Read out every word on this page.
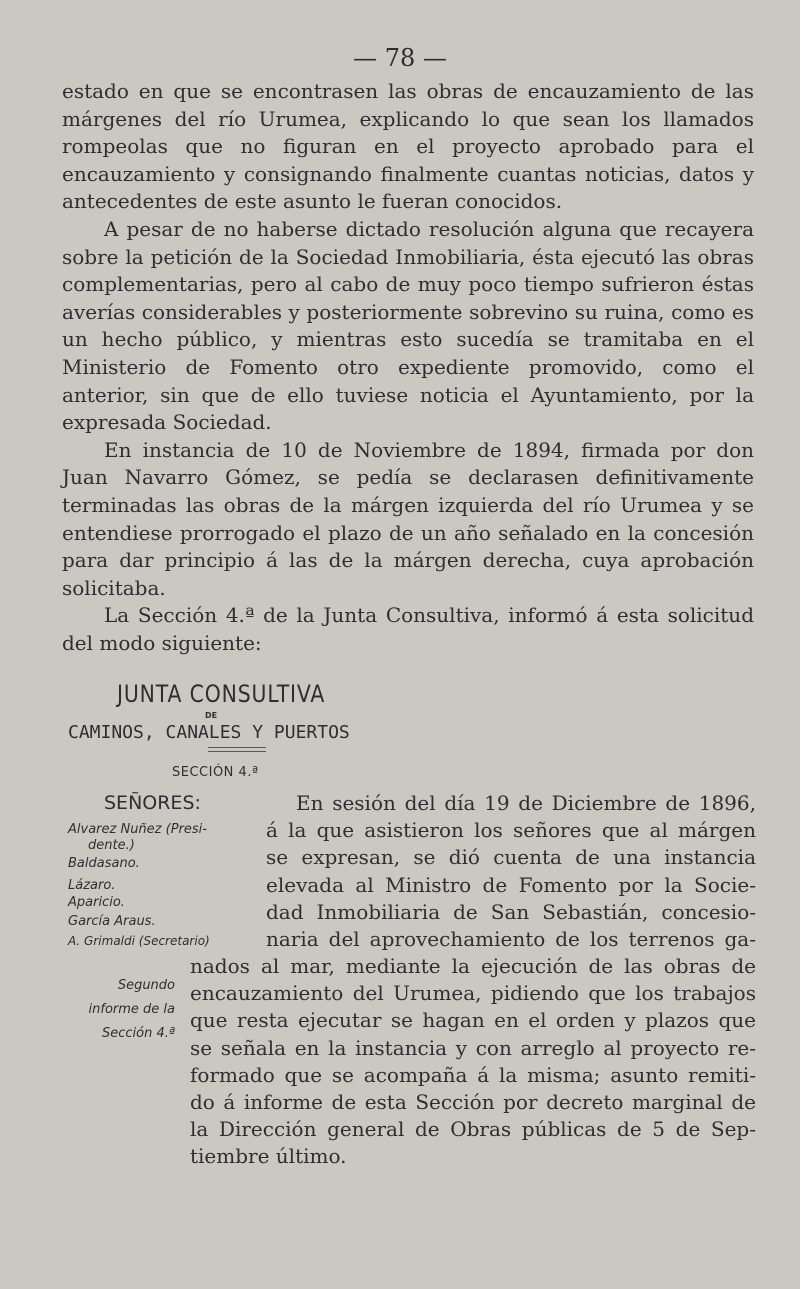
— 78 —

estado en que se encontrasen las obras de encauzamiento de las márgenes del río Urumea, explicando lo que sean los llamados rompeolas que no figuran en el proyecto aprobado para el encauzamiento y consignando finalmente cuantas noticias, datos y antecedentes de este asunto le fueran conocidos.

A pesar de no haberse dictado resolución alguna que recayera sobre la petición de la Sociedad Inmobiliaria, ésta ejecutó las obras complementarias, pero al cabo de muy poco tiempo sufrieron éstas averías considerables y posteriormente sobrevino su ruina, como es un hecho público, y mientras esto sucedía se tramitaba en el Ministerio de Fomento otro expediente promovido, como el anterior, sin que de ello tuviese noticia el Ayuntamiento, por la expresada Sociedad.

En instancia de 10 de Noviembre de 1894, firmada por don Juan Navarro Gómez, se pedía se declarasen definitivamente terminadas las obras de la márgen izquierda del río Urumea y se entendiese prorrogado el plazo de un año señalado en la concesión para dar principio á las de la márgen derecha, cuya aprobación solicitaba.

La Sección 4.ª de la Junta Consultiva, informó á esta solicitud del modo siguiente:

JUNTA CONSULTIVA
DE
CAMINOS, CANALES Y PUERTOS
SECCIÓN 4.ª
SEÑORES:
Alvarez Nuñez (Presi-
dente.)
Baldasano.
Lázaro.
Aparicio.
García Araus.
A. Grimaldi (Secretario)
Segundo
informe de la
Sección 4.ª
En sesión del día 19 de Diciembre de 1896,
á la que asistieron los señores que al márgen
se expresan, se dió cuenta de una instancia
elevada al Ministro de Fomento por la Socie-
dad Inmobiliaria de San Sebastián, concesio-
naria del aprovechamiento de los terrenos ga-
nados al mar, mediante la ejecución de las obras de
encauzamiento del Urumea, pidiendo que los trabajos
que resta ejecutar se hagan en el orden y plazos que
se señala en la instancia y con arreglo al proyecto re-
formado que se acompaña á la misma; asunto remiti-
do á informe de esta Sección por decreto marginal de
la Dirección general de Obras públicas de 5 de Sep-
tiembre último.
